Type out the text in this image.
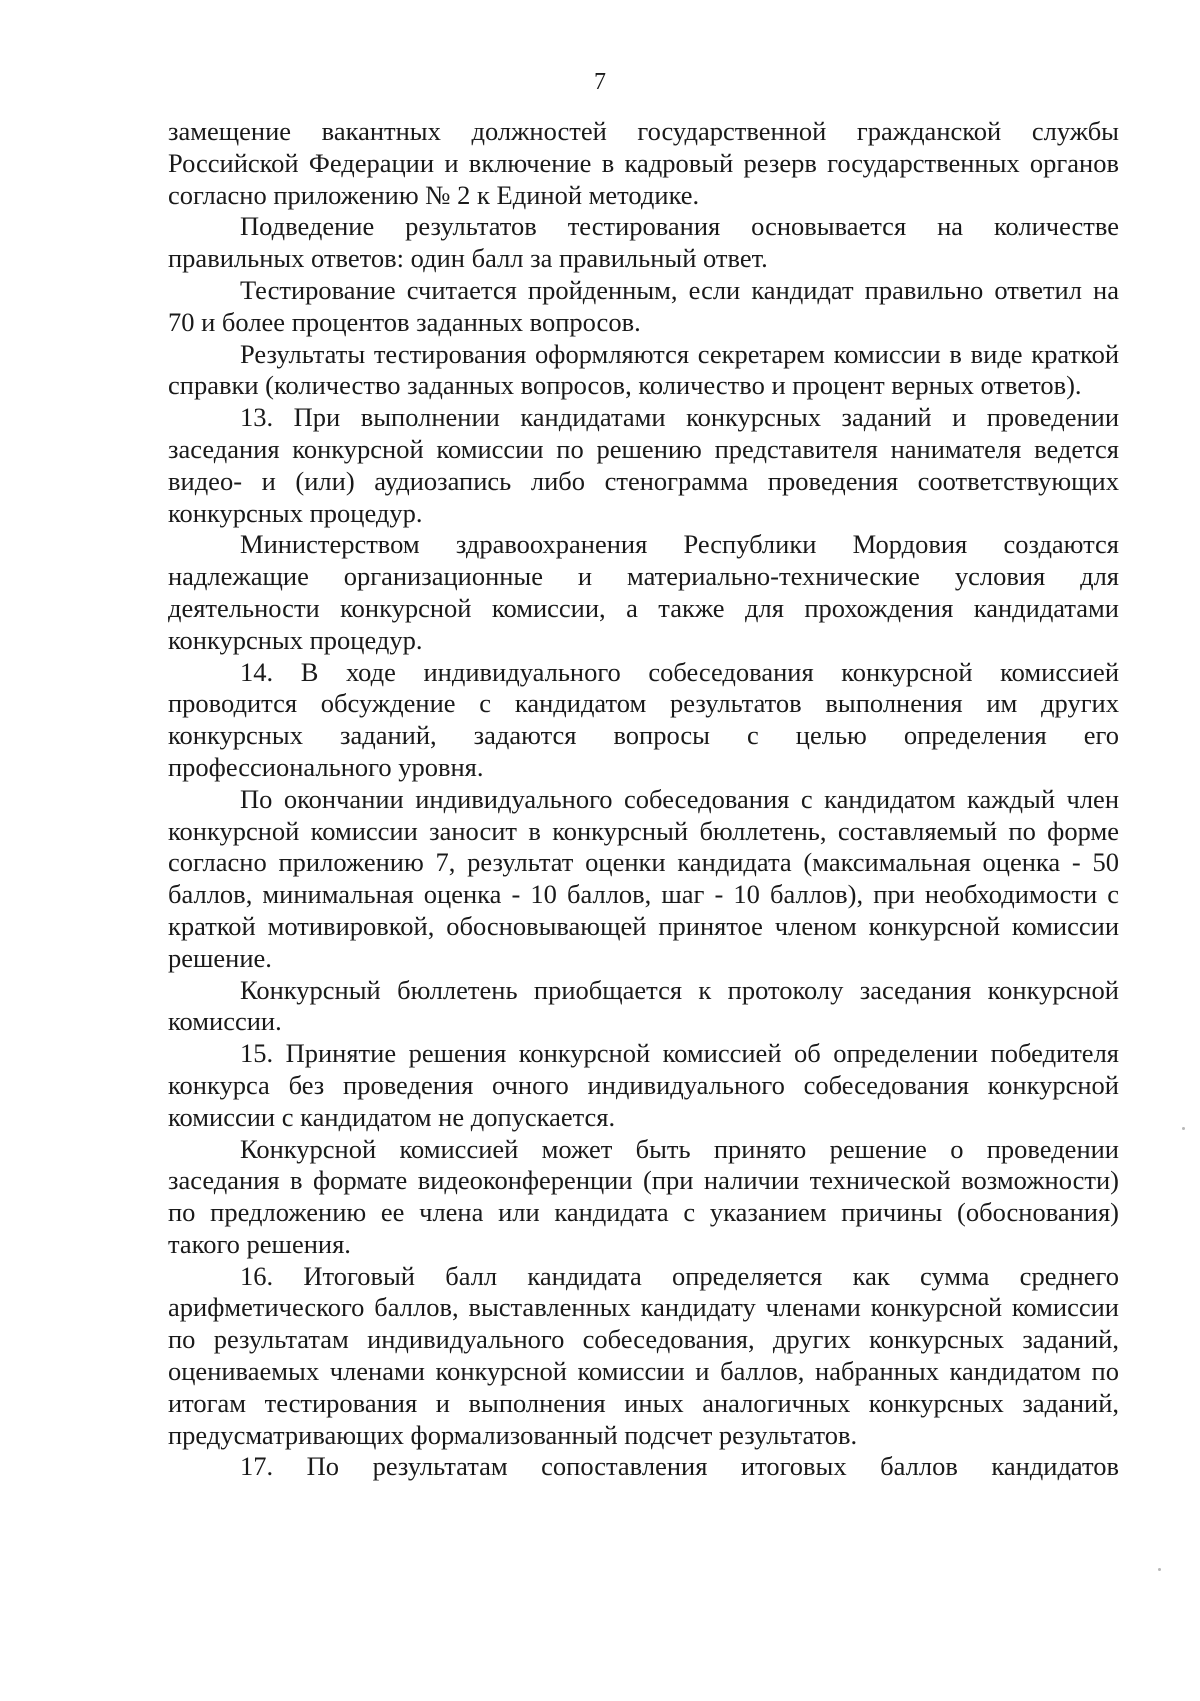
7

замещение вакантных должностей государственной гражданской службы Российской Федерации и включение в кадровый резерв государственных органов согласно приложению № 2 к Единой методике.

Подведение результатов тестирования основывается на количестве правильных ответов: один балл за правильный ответ.

Тестирование считается пройденным, если кандидат правильно ответил на 70 и более процентов заданных вопросов.

Результаты тестирования оформляются секретарем комиссии в виде краткой справки (количество заданных вопросов, количество и процент верных ответов).

13. При выполнении кандидатами конкурсных заданий и проведении заседания конкурсной комиссии по решению представителя нанимателя ведется видео- и (или) аудиозапись либо стенограмма проведения соответствующих конкурсных процедур.

Министерством здравоохранения Республики Мордовия создаются надлежащие организационные и материально-технические условия для деятельности конкурсной комиссии, а также для прохождения кандидатами конкурсных процедур.

14. В ходе индивидуального собеседования конкурсной комиссией проводится обсуждение с кандидатом результатов выполнения им других конкурсных заданий, задаются вопросы с целью определения его профессионального уровня.

По окончании индивидуального собеседования с кандидатом каждый член конкурсной комиссии заносит в конкурсный бюллетень, составляемый по форме согласно приложению 7, результат оценки кандидата (максимальная оценка - 50 баллов, минимальная оценка - 10 баллов, шаг - 10 баллов), при необходимости с краткой мотивировкой, обосновывающей принятое членом конкурсной комиссии решение.

Конкурсный бюллетень приобщается к протоколу заседания конкурсной комиссии.

15. Принятие решения конкурсной комиссией об определении победителя конкурса без проведения очного индивидуального собеседования конкурсной комиссии с кандидатом не допускается.

Конкурсной комиссией может быть принято решение о проведении заседания в формате видеоконференции (при наличии технической возможности) по предложению ее члена или кандидата с указанием причины (обоснования) такого решения.

16. Итоговый балл кандидата определяется как сумма среднего арифметического баллов, выставленных кандидату членами конкурсной комиссии по результатам индивидуального собеседования, других конкурсных заданий, оцениваемых членами конкурсной комиссии и баллов, набранных кандидатом по итогам тестирования и выполнения иных аналогичных конкурсных заданий, предусматривающих формализованный подсчет результатов.

17. По результатам сопоставления итоговых баллов кандидатов
